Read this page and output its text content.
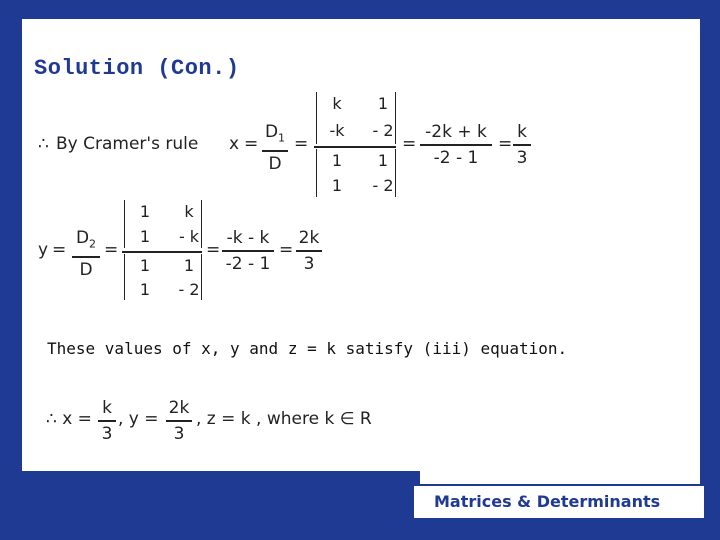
Solution (Con.)
∴ By Cramer's rule x =
$D_1$
D
=
k	1
-k	- 2
1	1
1	- 2
=
-2k + k
-2 - 1
=
k
3
y =
$D_2$
D
=
1	k
1	- k
1	1
1	- 2
=
-k - k
-2 - 1
=
2k
3
These values of x, y and z = k satisfy (iii) equation.
∴ x =
k
3
, y =
2k
3
, z = k , where k ∈ R
Matrices & Determinants
